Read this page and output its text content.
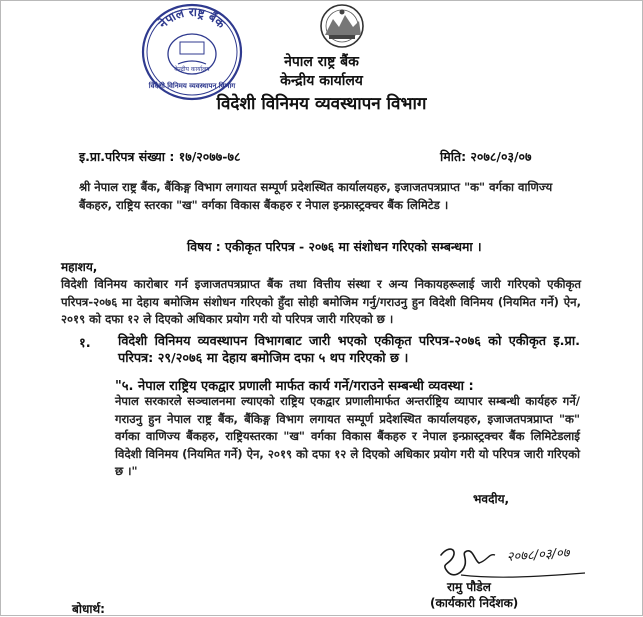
नेपाल राष्ट्र बैंक
केन्द्रीय कार्यालय
विदेशी विनिमय व्यवस्थापन विभाग
नेपाल राष्ट्र बैंक
केन्द्रीय कार्यालय
विदेशी विनिमय व्यवस्थापन विभाग
इ.प्रा.परिपत्र संख्या : १७/२०७७-७८	मिति: २०७८/०३/०७
श्री नेपाल राष्ट्र बैंक, बैंकिङ्ग विभाग लगायत सम्पूर्ण प्रदेशस्थित कार्यालयहरु, इजाजतपत्रप्राप्त "क" वर्गका वाणिज्य बैंकहरु, राष्ट्रिय स्तरका "ख" वर्गका विकास बैंकहरु र नेपाल इन्फ्रास्ट्रक्चर बैंक लिमिटेड ।
विषय : एकीकृत परिपत्र - २०७६ मा संशोधन गरिएको सम्बन्धमा ।
महाशय,
विदेशी विनिमय कारोबार गर्न इजाजतपत्रप्राप्त बैंक तथा वित्तीय संस्था र अन्य निकायहरूलाई जारी गरिएको एकीकृत परिपत्र-२०७६ मा देहाय बमोजिम संशोधन गरिएको हुँदा सोही बमोजिम गर्नु/गराउनु हुन विदेशी विनिमय (नियमित गर्ने) ऐन, २०१९ को दफा १२ ले दिएको अधिकार प्रयोग गरी यो परिपत्र जारी गरिएको छ ।
१. विदेशी विनिमय व्यवस्थापन विभागबाट जारी भएको एकीकृत परिपत्र-२०७६ को एकीकृत इ.प्रा. परिपत्र: २९/२०७६ मा देहाय बमोजिम दफा ५ थप गरिएको छ ।
"५. नेपाल राष्ट्रिय एकद्वार प्रणाली मार्फत कार्य गर्ने/गराउने सम्बन्धी व्यवस्था :
नेपाल सरकारले सञ्चालनमा ल्याएको राष्ट्रिय एकद्वार प्रणालीमार्फत अन्तर्राष्ट्रिय व्यापार सम्बन्धी कार्यहरु गर्ने/गराउनु हुन नेपाल राष्ट्र बैंक, बैंकिङ्ग विभाग लगायत सम्पूर्ण प्रदेशस्थित कार्यालयहरु, इजाजतपत्रप्राप्त "क" वर्गका वाणिज्य बैंकहरु, राष्ट्रियस्तरका "ख" वर्गका विकास बैंकहरु र नेपाल इन्फ्रास्ट्रक्चर बैंक लिमिटेडलाई विदेशी विनिमय (नियमित गर्ने) ऐन, २०१९ को दफा १२ ले दिएको अधिकार प्रयोग गरी यो परिपत्र जारी गरिएको छ ।"
भवदीय,
२०७८/०३/०७
रामु पौडेल
(कार्यकारी निर्देशक)
बोधार्थ:
